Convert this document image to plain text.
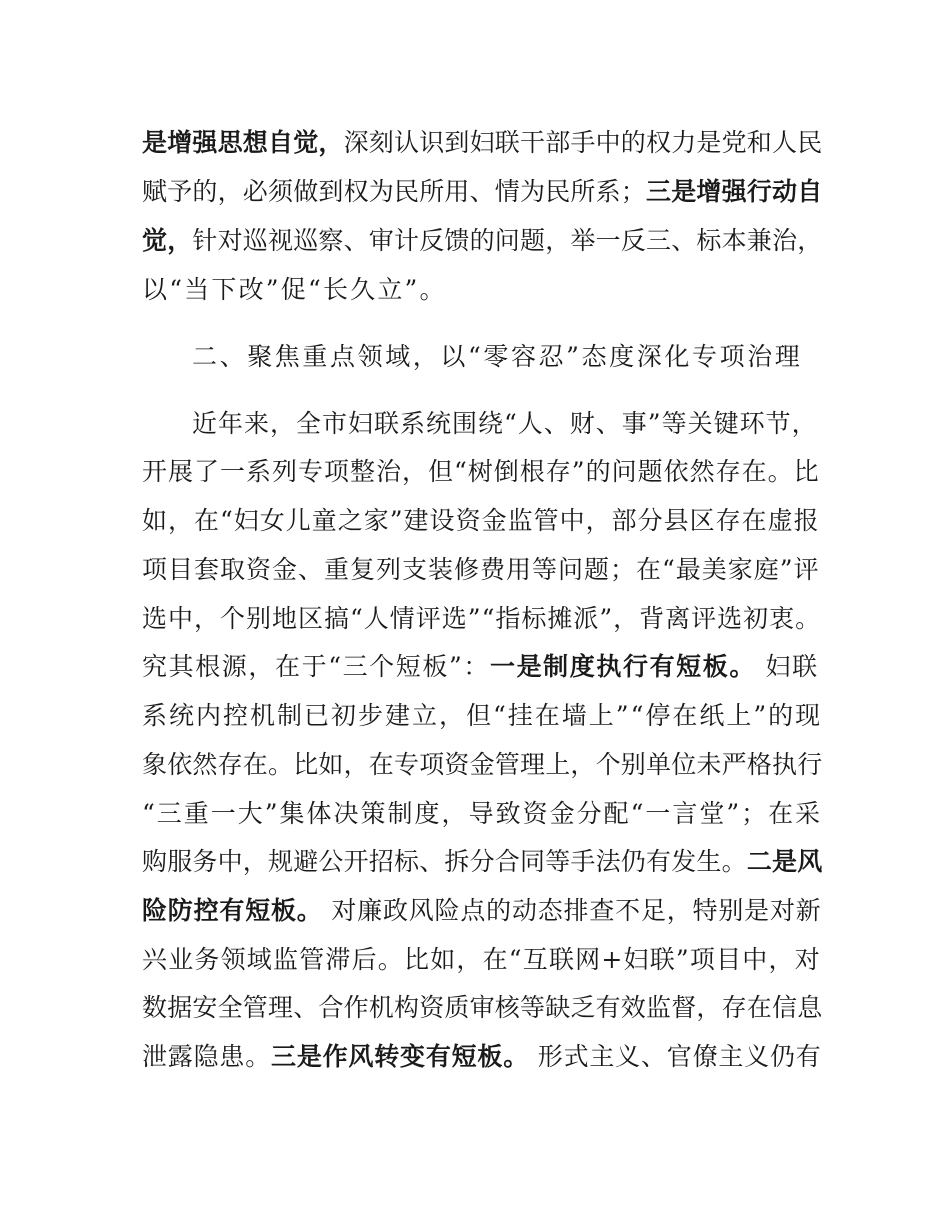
是增强思想自觉，深刻认识到妇联干部手中的权力是党和人民
赋予的，必须做到权为民所用、情为民所系；三是增强行动自
觉，针对巡视巡察、审计反馈的问题，举一反三、标本兼治，
以“当下改”促“长久立”。
二、聚焦重点领域，以“零容忍”态度深化专项治理
近年来，全市妇联系统围绕“人、财、事”等关键环节，
开展了一系列专项整治，但“树倒根存”的问题依然存在。比
如，在“妇女儿童之家”建设资金监管中，部分县区存在虚报
项目套取资金、重复列支装修费用等问题；在“最美家庭”评
选中，个别地区搞“人情评选”“指标摊派”，背离评选初衷。
究其根源，在于“三个短板”：一是制度执行有短板。 妇联
系统内控机制已初步建立，但“挂在墙上”“停在纸上”的现
象依然存在。比如，在专项资金管理上，个别单位未严格执行
“三重一大”集体决策制度，导致资金分配“一言堂”；在采
购服务中，规避公开招标、拆分合同等手法仍有发生。二是风
险防控有短板。 对廉政风险点的动态排查不足，特别是对新
兴业务领域监管滞后。比如，在“互联网+妇联”项目中，对
数据安全管理、合作机构资质审核等缺乏有效监督，存在信息
泄露隐患。三是作风转变有短板。 形式主义、官僚主义仍有
